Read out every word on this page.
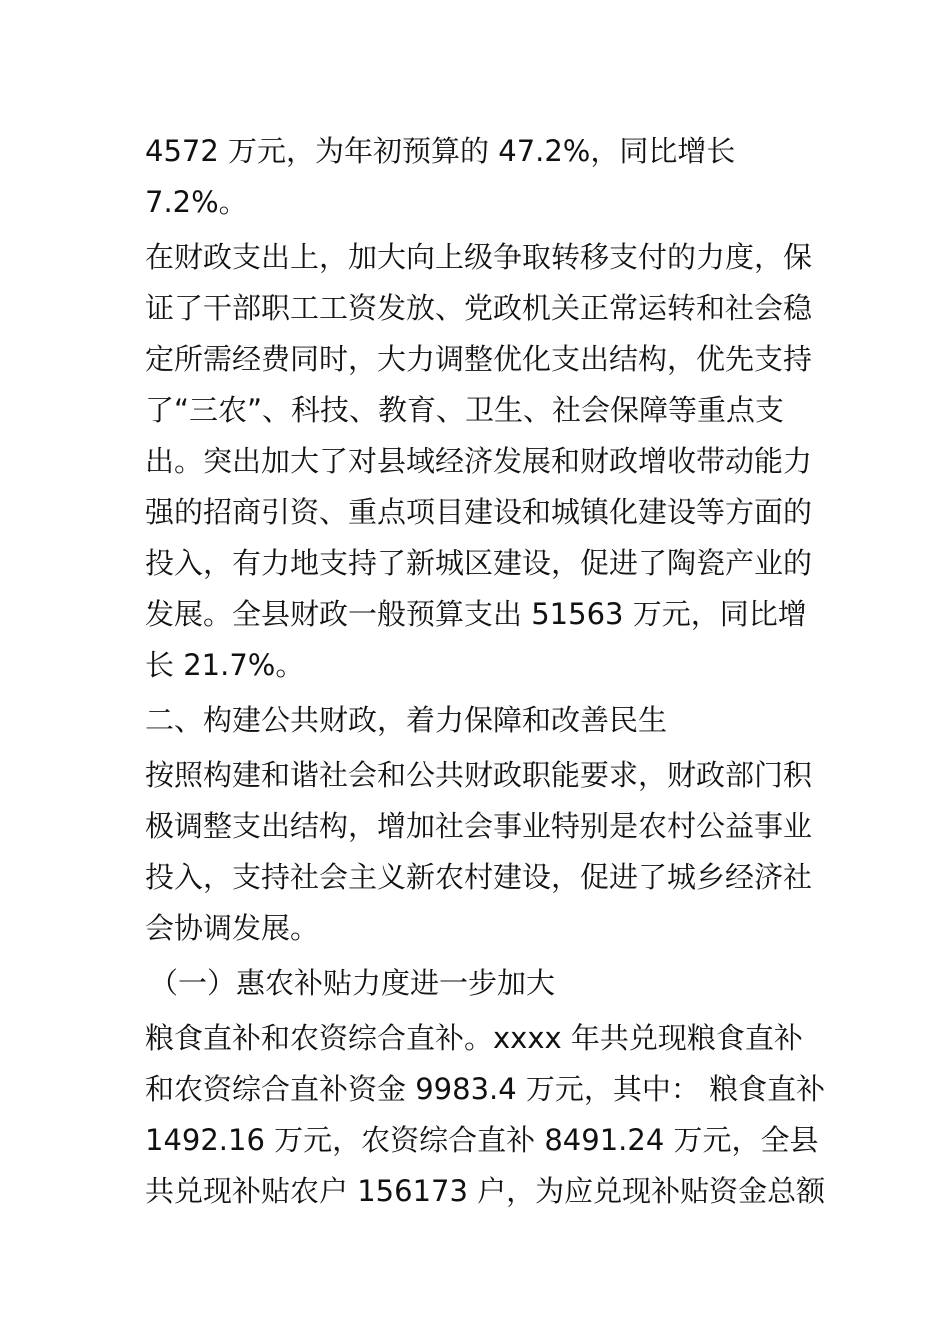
4572 万元，为年初预算的 47.2%，同比增长
7.2%。
在财政支出上，加大向上级争取转移支付的力度，保
证了干部职工工资发放、党政机关正常运转和社会稳
定所需经费同时，大力调整优化支出结构，优先支持
了“三农”、科技、教育、卫生、社会保障等重点支
出。突出加大了对县域经济发展和财政增收带动能力
强的招商引资、重点项目建设和城镇化建设等方面的
投入，有力地支持了新城区建设，促进了陶瓷产业的
发展。全县财政一般预算支出 51563 万元，同比增
长 21.7%。
二、构建公共财政，着力保障和改善民生
按照构建和谐社会和公共财政职能要求，财政部门积
极调整支出结构，增加社会事业特别是农村公益事业
投入，支持社会主义新农村建设，促进了城乡经济社
会协调发展。
（一）惠农补贴力度进一步加大
粮食直补和农资综合直补。xxxx 年共兑现粮食直补
和农资综合直补资金 9983.4 万元，其中： 粮食直补
1492.16 万元，农资综合直补 8491.24 万元，全县
共兑现补贴农户 156173 户，为应兑现补贴资金总额
